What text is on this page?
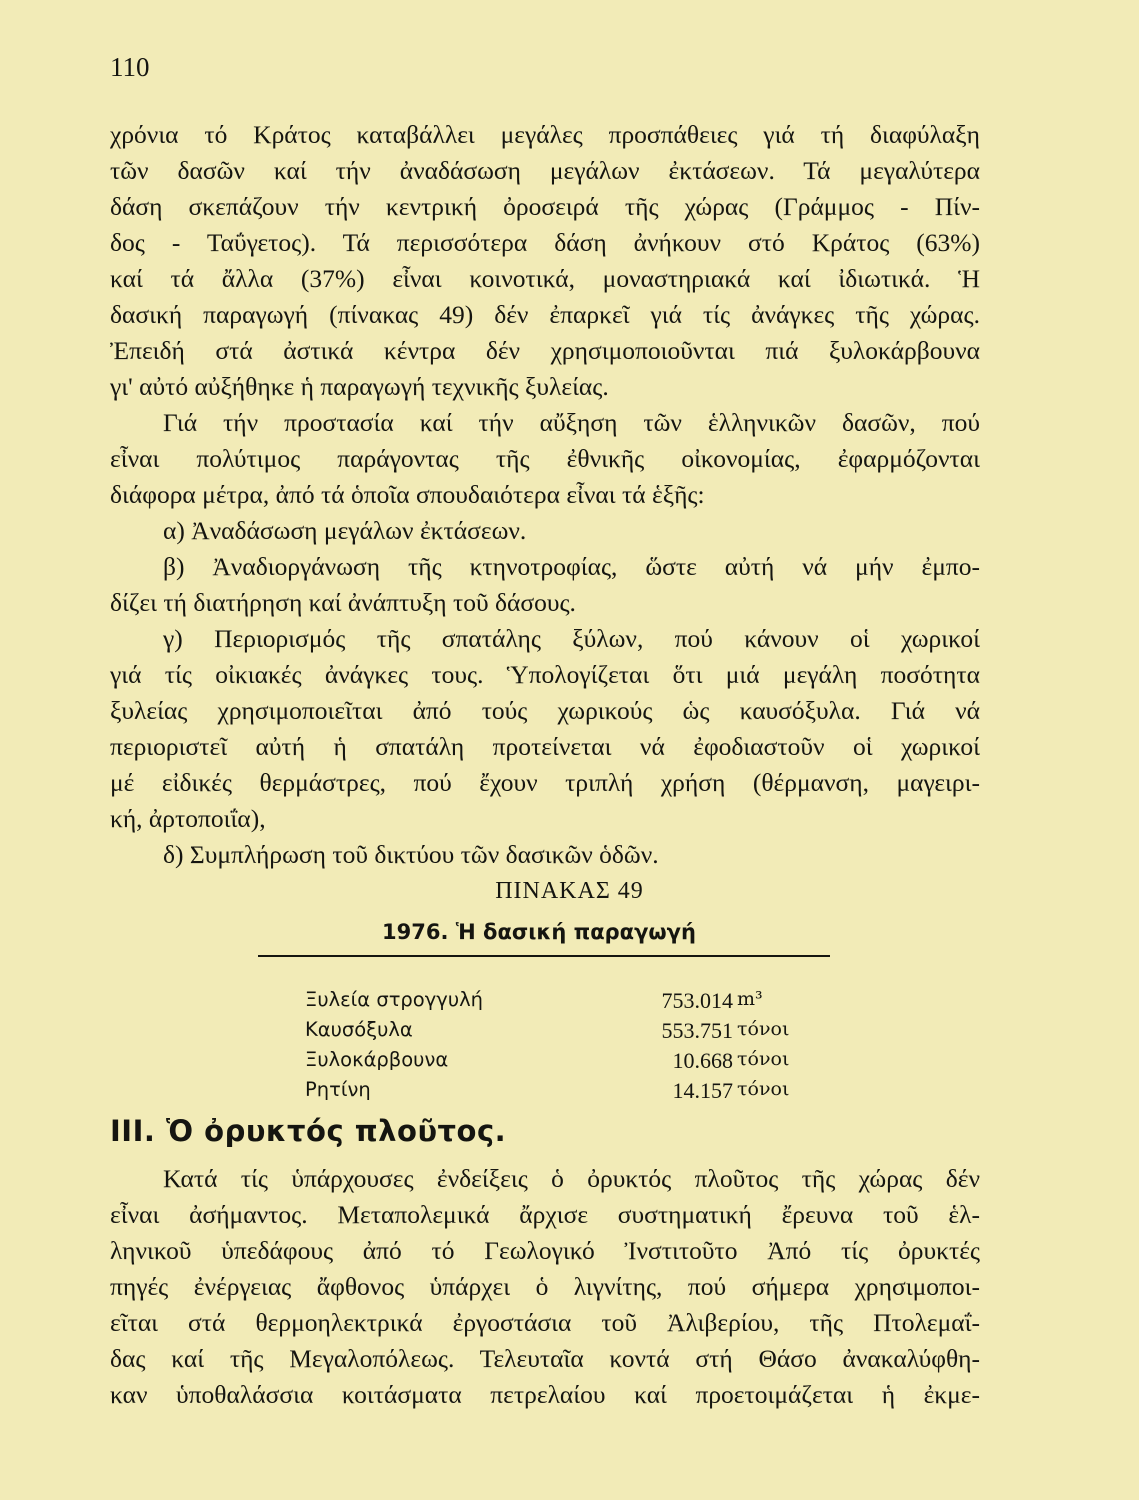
110
χρόνια τό Κράτος καταβάλλει μεγάλες προσπάθειες γιά τή διαφύλαξη
τῶν δασῶν καί τήν ἀναδάσωση μεγάλων ἐκτάσεων. Τά μεγαλύτερα
δάση σκεπάζουν τήν κεντρική ὀροσειρά τῆς χώρας (Γράμμος - Πίν-
δος - Ταΰγετος). Τά περισσότερα δάση ἀνήκουν στό Κράτος (63%)
καί τά ἄλλα (37%) εἶναι κοινοτικά, μοναστηριακά καί ἰδιωτικά. Ἡ
δασική παραγωγή (πίνακας 49) δέν ἐπαρκεῖ γιά τίς ἀνάγκες τῆς χώρας.
Ἐπειδή στά ἀστικά κέντρα δέν χρησιμοποιοῦνται πιά ξυλοκάρβουνα
γι' αὐτό αὐξήθηκε ἡ παραγωγή τεχνικῆς ξυλείας.
Γιά τήν προστασία καί τήν αὔξηση τῶν ἑλληνικῶν δασῶν, πού
εἶναι πολύτιμος παράγοντας τῆς ἐθνικῆς οἰκονομίας, ἐφαρμόζονται
διάφορα μέτρα, ἀπό τά ὁποῖα σπουδαιότερα εἶναι τά ἑξῆς:
α) Ἀναδάσωση μεγάλων ἐκτάσεων.
β) Ἀναδιοργάνωση τῆς κτηνοτροφίας, ὥστε αὐτή νά μήν ἐμπο-
δίζει τή διατήρηση καί ἀνάπτυξη τοῦ δάσους.
γ) Περιορισμός τῆς σπατάλης ξύλων, πού κάνουν οἱ χωρικοί
γιά τίς οἰκιακές ἀνάγκες τους. Ὑπολογίζεται ὅτι μιά μεγάλη ποσότητα
ξυλείας χρησιμοποιεῖται ἀπό τούς χωρικούς ὡς καυσόξυλα. Γιά νά
περιοριστεῖ αὐτή ἡ σπατάλη προτείνεται νά ἐφοδιαστοῦν οἱ χωρικοί
μέ εἰδικές θερμάστρες, πού ἔχουν τριπλή χρήση (θέρμανση, μαγειρι-
κή, ἀρτοποιΐα),
δ) Συμπλήρωση τοῦ δικτύου τῶν δασικῶν ὁδῶν.
ΠΙΝΑΚΑΣ 49
1976. Ἡ δασική παραγωγή
Ξυλεία στρογγυλή	753.014 m³
Καυσόξυλα	553.751 τόνοι
Ξυλοκάρβουνα	10.668 τόνοι
Ρητίνη	14.157 τόνοι
III. Ὁ ὀρυκτός πλοῦτος.
Κατά τίς ὑπάρχουσες ἐνδείξεις ὁ ὀρυκτός πλοῦτος τῆς χώρας δέν
εἶναι ἀσήμαντος. Μεταπολεμικά ἄρχισε συστηματική ἔρευνα τοῦ ἑλ-
ληνικοῦ ὑπεδάφους ἀπό τό Γεωλογικό Ἰνστιτοῦτο Ἀπό τίς ὀρυκτές
πηγές ἐνέργειας ἄφθονος ὑπάρχει ὁ λιγνίτης, πού σήμερα χρησιμοποι-
εῖται στά θερμοηλεκτρικά ἐργοστάσια τοῦ Ἀλιβερίου, τῆς Πτολεμαΐ-
δας καί τῆς Μεγαλοπόλεως. Τελευταῖα κοντά στή Θάσο ἀνακαλύφθη-
καν ὑποθαλάσσια κοιτάσματα πετρελαίου καί προετοιμάζεται ἡ ἐκμε-
